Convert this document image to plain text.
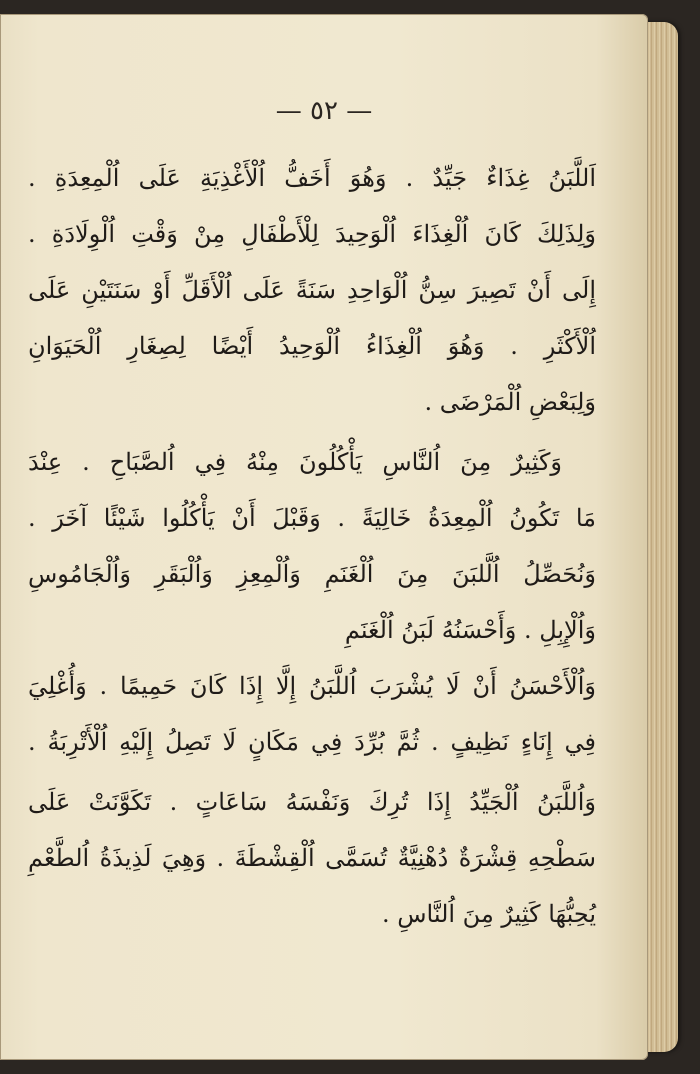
— ٥٢ —
اَللَّبَنُ غِذَاءٌ جَيِّدٌ . وَهُوَ أَخَفُّ اُلْأَغْذِيَةِ عَلَى اُلْمِعِدَةِ .
وَلِذَلِكَ كَانَ اُلْغِذَاءَ اُلْوَحِيدَ لِلْأَطْفَالِ مِنْ وَقْتِ اُلْوِلَادَةِ .
إِلَى أَنْ تَصِيرَ سِنُّ اُلْوَاحِدِ سَنَةً عَلَى اُلْأَقَلِّ أَوْ سَنَتَيْنِ عَلَى
اُلْأَكْثَرِ . وَهُوَ اُلْغِذَاءُ اُلْوَحِيدُ أَيْضًا لِصِغَارِ اُلْحَيَوَانِ
وَلِبَعْضِ اُلْمَرْضَى .
وَكَثِيرٌ مِنَ اُلنَّاسِ يَأْكُلُونَ مِنْهُ فِي اُلصَّبَاحِ . عِنْدَ
مَا تَكُونُ اُلْمِعِدَةُ خَالِيَةً . وَقَبْلَ أَنْ يَأْكُلُوا شَيْئًا آخَرَ .
وَنُحَصِّلُ اُلَّلبَنَ مِنَ اُلْغَنَمِ وَاُلْمِعِزِ وَاُلْبَقَرِ وَاُلْجَامُوسِ
وَاُلْإِبِلِ . وَأَحْسَنُهُ لَبَنُ اُلْغَنَمِ
وَاُلْأَحْسَنُ أَنْ لَا يُشْرَبَ اُللَّبَنُ إِلَّا إِذَا كَانَ حَمِيمًا . وَأُغْلِيَ
فِي إِنَاءٍ نَظِيفٍ . ثُمَّ بُرِّدَ فِي مَكَانٍ لَا تَصِلُ إِلَيْهِ اُلْأَتْرِبَةُ .
وَاُللَّبَنُ اُلْجَيِّدُ إِذَا تُرِكَ وَنَفْسَهُ سَاعَاتٍ . تَكَوَّنَتْ عَلَى
سَطْحِهِ قِشْرَةٌ دُهْنِيَّةٌ تُسَمَّى اُلْقِشْطَةَ . وَهِيَ لَذِيذَةُ اُلطَّعْمِ
يُحِبُّهَا كَثِيرٌ مِنَ اُلنَّاسِ .
